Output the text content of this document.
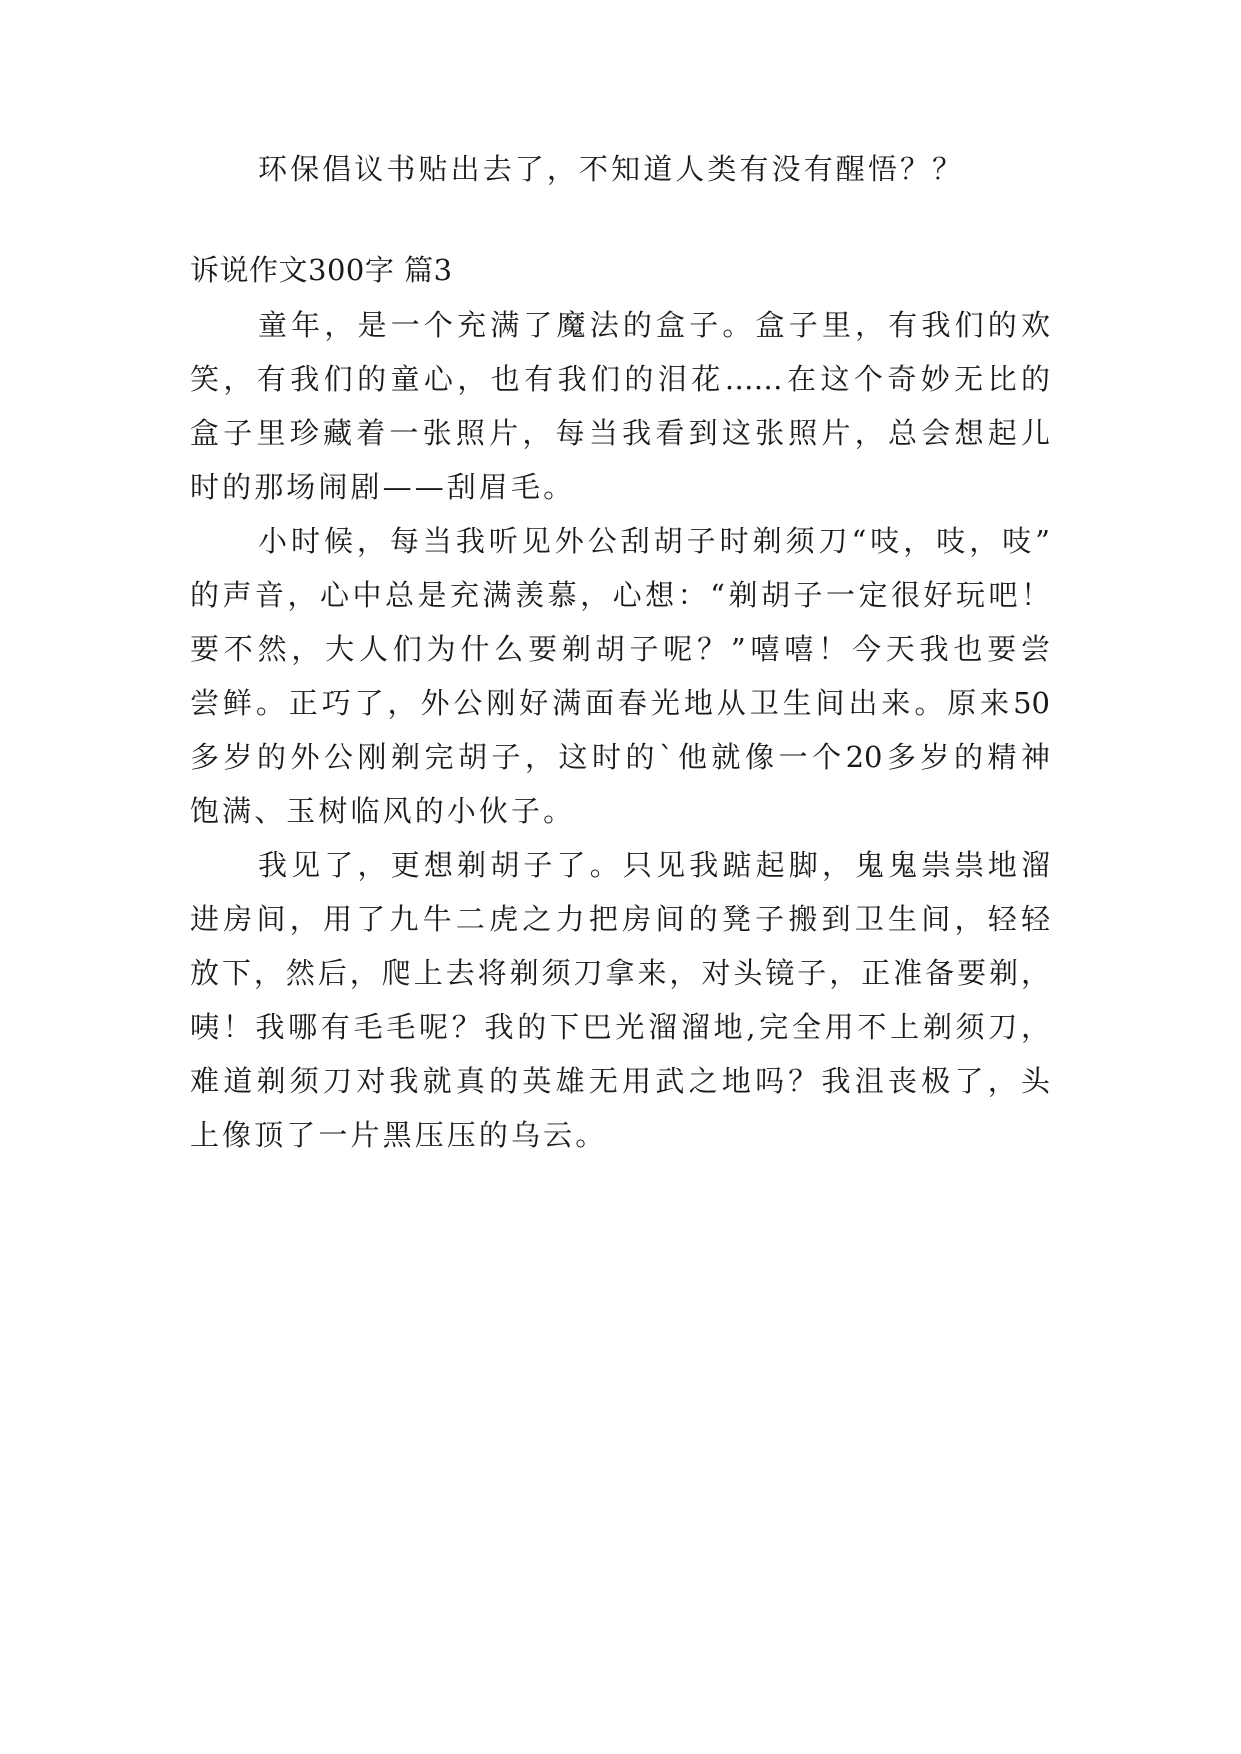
环保倡议书贴出去了，不知道人类有没有醒悟？？
诉说作文300字 篇3
童年，是一个充满了魔法的盒子。盒子里，有我们的欢
笑，有我们的童心，也有我们的泪花……在这个奇妙无比的
盒子里珍藏着一张照片，每当我看到这张照片，总会想起儿
时的那场闹剧——刮眉毛。
小时候，每当我听见外公刮胡子时剃须刀“吱，吱，吱”
的声音，心中总是充满羡慕，心想：“剃胡子一定很好玩吧！
要不然，大人们为什么要剃胡子呢？”嘻嘻！今天我也要尝
尝鲜。正巧了，外公刚好满面春光地从卫生间出来。原来50
多岁的外公刚剃完胡子，这时的`他就像一个20多岁的精神
饱满、玉树临风的小伙子。
我见了，更想剃胡子了。只见我踮起脚，鬼鬼祟祟地溜
进房间，用了九牛二虎之力把房间的凳子搬到卫生间，轻轻
放下，然后，爬上去将剃须刀拿来，对头镜子，正准备要剃，
咦！我哪有毛毛呢？我的下巴光溜溜地,完全用不上剃须刀，
难道剃须刀对我就真的英雄无用武之地吗？我沮丧极了，头
上像顶了一片黑压压的乌云。
